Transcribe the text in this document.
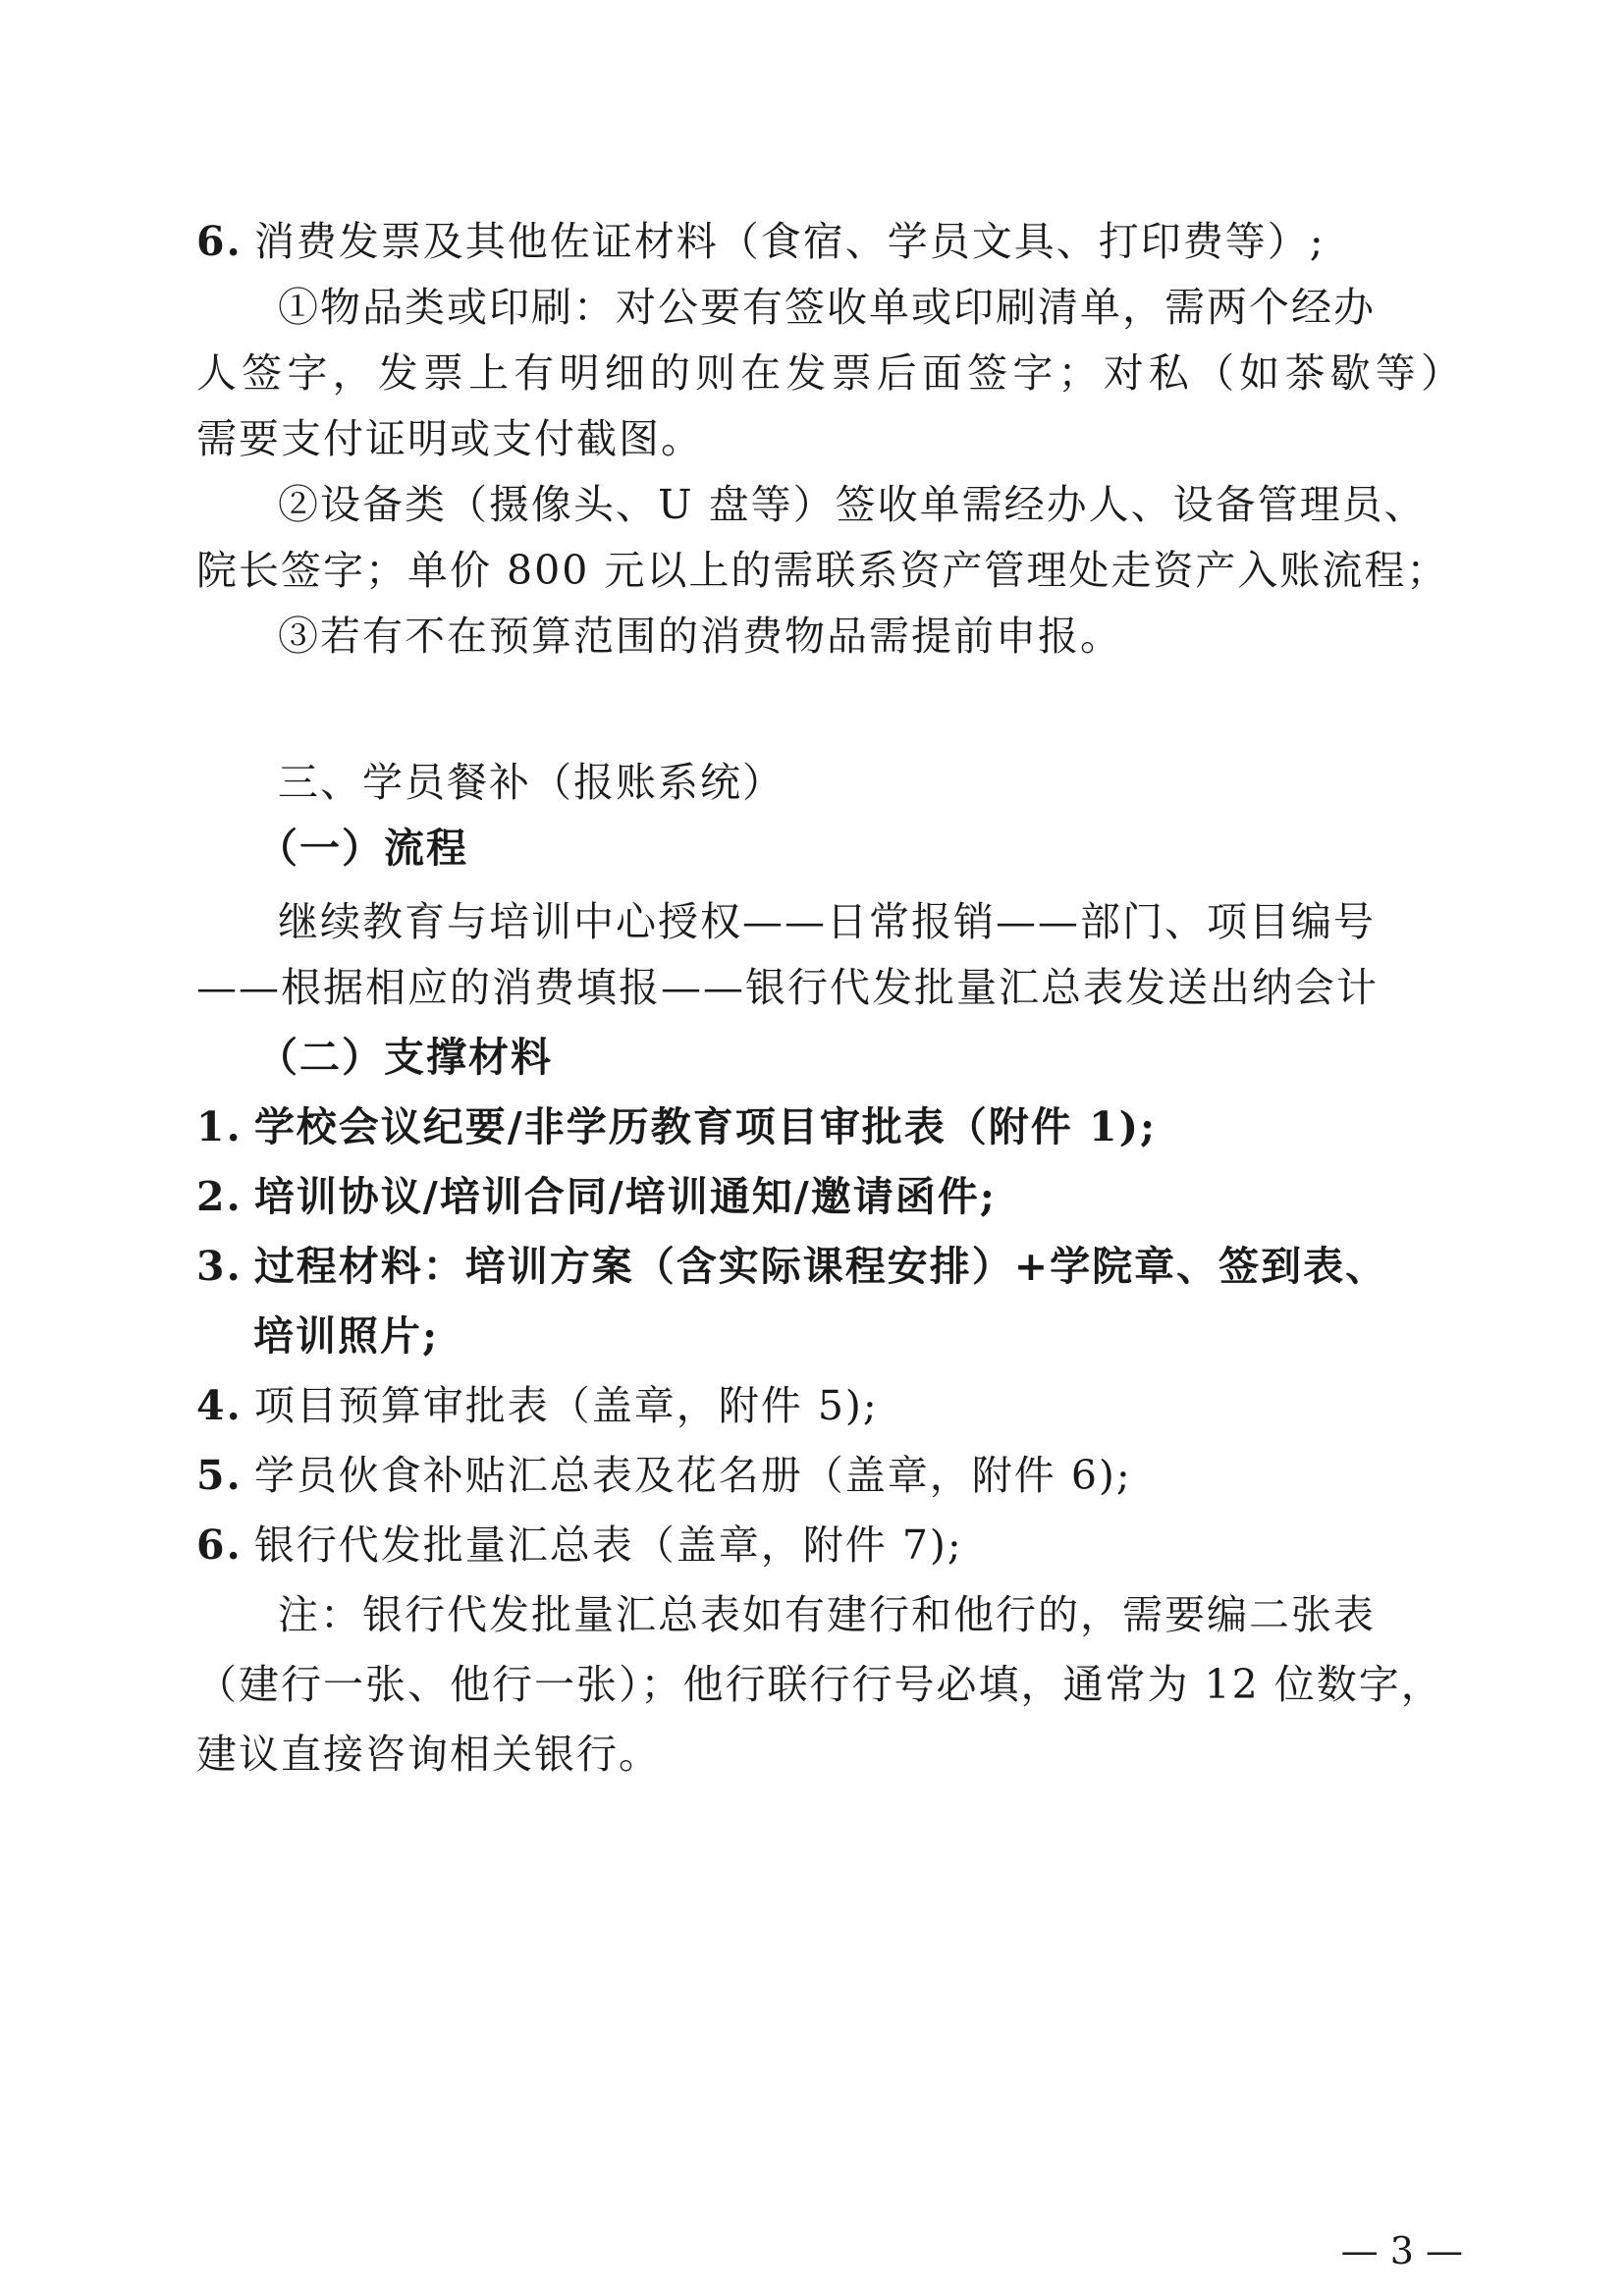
6. 消费发票及其他佐证材料（食宿、学员文具、打印费等）;
①物品类或印刷：对公要有签收单或印刷清单，需两个经办
人签字，发票上有明细的则在发票后面签字；对私（如茶歇等）
需要支付证明或支付截图。
②设备类（摄像头、U 盘等）签收单需经办人、设备管理员、
院长签字；单价 800 元以上的需联系资产管理处走资产入账流程；
③若有不在预算范围的消费物品需提前申报。
三、学员餐补（报账系统）
（一）流程
继续教育与培训中心授权——日常报销——部门、项目编号
——根据相应的消费填报——银行代发批量汇总表发送出纳会计
（二）支撑材料
1. 学校会议纪要/非学历教育项目审批表（附件 1);
2. 培训协议/培训合同/培训通知/邀请函件;
3. 过程材料：培训方案（含实际课程安排）+学院章、签到表、
培训照片;
4. 项目预算审批表（盖章，附件 5);
5. 学员伙食补贴汇总表及花名册（盖章，附件 6);
6. 银行代发批量汇总表（盖章，附件 7);
注：银行代发批量汇总表如有建行和他行的，需要编二张表
（建行一张、他行一张）；他行联行行号必填，通常为 12 位数字，
建议直接咨询相关银行。
— 3 —
